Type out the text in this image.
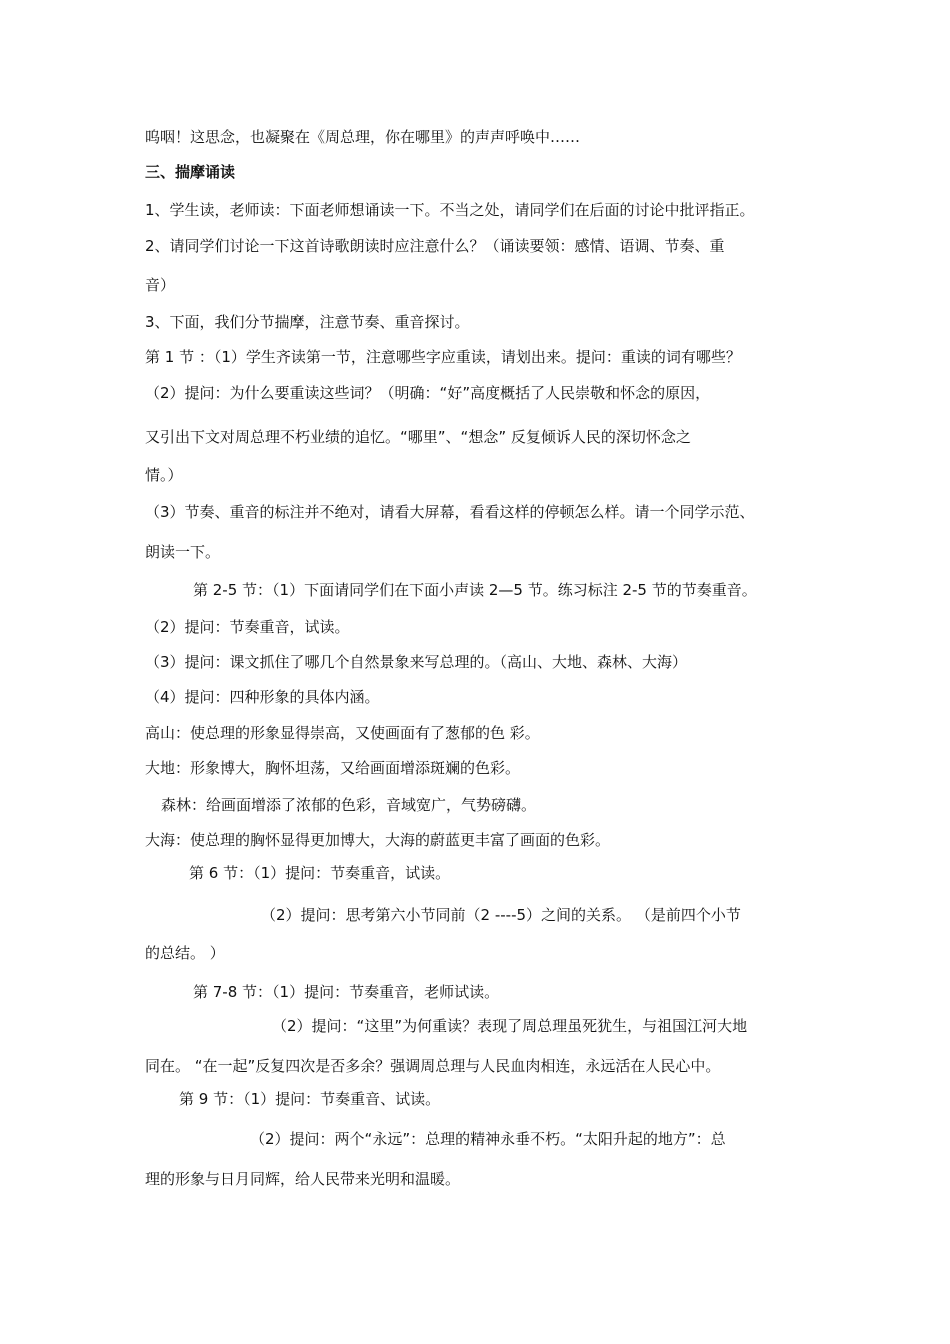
呜咽！这思念，也凝聚在《周总理，你在哪里》的声声呼唤中……
三、揣摩诵读
1、学生读，老师读：下面老师想诵读一下。不当之处，请同学们在后面的讨论中批评指正。
2、请同学们讨论一下这首诗歌朗读时应注意什么？（诵读要领：感情、语调、节奏、重
音）
3、下面，我们分节揣摩，注意节奏、重音探讨。
第 1 节 ：（1）学生齐读第一节，注意哪些字应重读，请划出来。提问：重读的词有哪些？
（2）提问：为什么要重读这些词？（明确：“好”高度概括了人民崇敬和怀念的原因，
又引出下文对周总理不朽业绩的追忆。“哪里”、“想念” 反复倾诉人民的深切怀念之
情。）
（3）节奏、重音的标注并不绝对，请看大屏幕，看看这样的停顿怎么样。请一个同学示范、
朗读一下。
第 2-5 节：（1）下面请同学们在下面小声读 2—5 节。练习标注 2-5 节的节奏重音。
（2）提问：节奏重音，试读。
（3）提问：课文抓住了哪几个自然景象来写总理的。（高山、大地、森林、大海）
（4）提问：四种形象的具体内涵。
高山：使总理的形象显得崇高，又使画面有了葱郁的色 彩。
大地：形象博大，胸怀坦荡，又给画面增添斑斓的色彩。
森林：给画面增添了浓郁的色彩，音域宽广，气势磅礴。
大海：使总理的胸怀显得更加博大，大海的蔚蓝更丰富了画面的色彩。
第 6 节：（1）提问：节奏重音，试读。
（2）提问：思考第六小节同前（2 ----5）之间的关系。 （是前四个小节
的总结。 ）
第 7-8 节：（1）提问：节奏重音，老师试读。
（2）提问：“这里”为何重读？表现了周总理虽死犹生，与祖国江河大地
同在。 “在一起”反复四次是否多余？强调周总理与人民血肉相连，永远活在人民心中。
第 9 节：（1）提问：节奏重音、试读。
（2）提问：两个“永远”：总理的精神永垂不朽。“太阳升起的地方”：总
理的形象与日月同辉，给人民带来光明和温暖。
